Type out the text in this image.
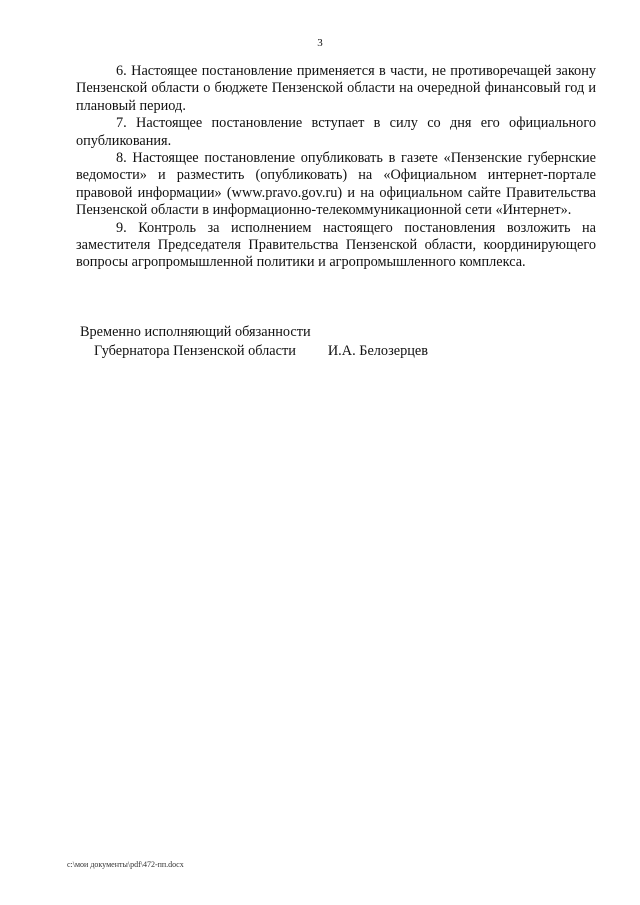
3

6. Настоящее постановление применяется в части, не противоречащей закону Пензенской области о бюджете Пензенской области на очередной финансовый год и плановый период.

7. Настоящее постановление вступает в силу со дня его официального опубликования.

8. Настоящее постановление опубликовать в газете «Пензенские губернские ведомости» и разместить (опубликовать) на «Официальном интернет-портале правовой информации» (www.pravo.gov.ru) и на официальном сайте Правительства Пензенской области в информационно-телекоммуникационной сети «Интернет».

9. Контроль за исполнением настоящего постановления возложить на заместителя Председателя Правительства Пензенской области, координирующего вопросы агропромышленной политики и агропромышленного комплекса.

Временно исполняющий обязанности
Губернатора Пензенской области И.А. Белозерцев
c:\мои документы\pdf\472-пп.docx
